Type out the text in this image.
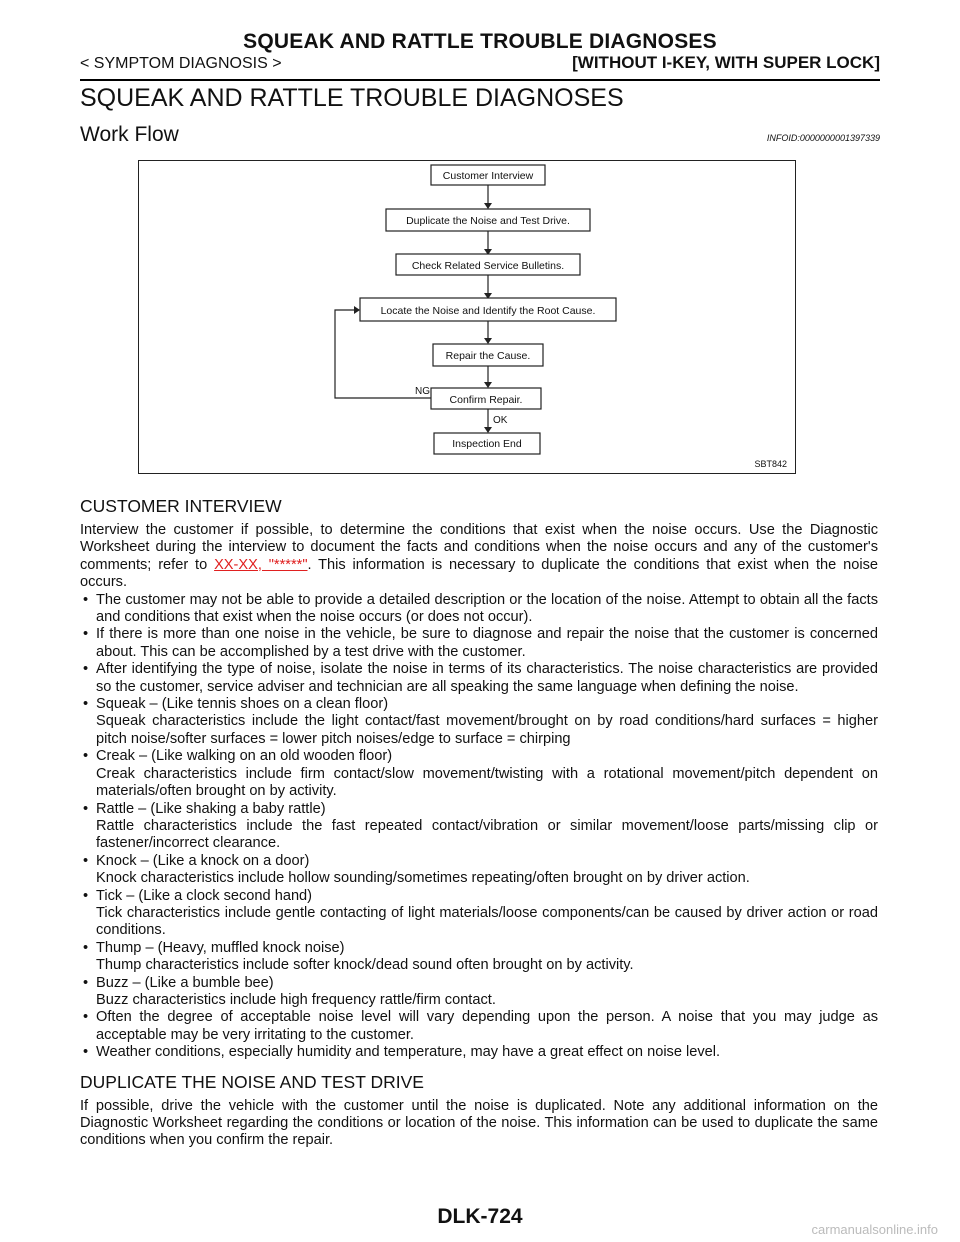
SQUEAK AND RATTLE TROUBLE DIAGNOSES
< SYMPTOM DIAGNOSIS >	[WITHOUT I-KEY, WITH SUPER LOCK]
SQUEAK AND RATTLE TROUBLE DIAGNOSES
Work Flow	INFOID:0000000001397339
Customer Interview
Duplicate the Noise and Test Drive.
Check Related Service Bulletins.
Locate the Noise and Identify the Root Cause.
Repair the Cause.
Confirm Repair.
Inspection End
NG
OK
SBT842
CUSTOMER INTERVIEW

Interview the customer if possible, to determine the conditions that exist when the noise occurs. Use the Diagnostic Worksheet during the interview to document the facts and conditions when the noise occurs and any of the customer's comments; refer to XX-XX, "*****". This information is necessary to duplicate the conditions that exist when the noise occurs.

• The customer may not be able to provide a detailed description or the location of the noise. Attempt to obtain all the facts and conditions that exist when the noise occurs (or does not occur).
• If there is more than one noise in the vehicle, be sure to diagnose and repair the noise that the customer is concerned about. This can be accomplished by a test drive with the customer.
• After identifying the type of noise, isolate the noise in terms of its characteristics. The noise characteristics are provided so the customer, service adviser and technician are all speaking the same language when defining the noise.
• Squeak – (Like tennis shoes on a clean floor)
Squeak characteristics include the light contact/fast movement/brought on by road conditions/hard surfaces = higher pitch noise/softer surfaces = lower pitch noises/edge to surface = chirping
• Creak – (Like walking on an old wooden floor)
Creak characteristics include firm contact/slow movement/twisting with a rotational movement/pitch dependent on materials/often brought on by activity.
• Rattle – (Like shaking a baby rattle)
Rattle characteristics include the fast repeated contact/vibration or similar movement/loose parts/missing clip or fastener/incorrect clearance.
• Knock – (Like a knock on a door)
Knock characteristics include hollow sounding/sometimes repeating/often brought on by driver action.
• Tick – (Like a clock second hand)
Tick characteristics include gentle contacting of light materials/loose components/can be caused by driver action or road conditions.
• Thump – (Heavy, muffled knock noise)
Thump characteristics include softer knock/dead sound often brought on by activity.
• Buzz – (Like a bumble bee)
Buzz characteristics include high frequency rattle/firm contact.
• Often the degree of acceptable noise level will vary depending upon the person. A noise that you may judge as acceptable may be very irritating to the customer.
• Weather conditions, especially humidity and temperature, may have a great effect on noise level.
DUPLICATE THE NOISE AND TEST DRIVE

If possible, drive the vehicle with the customer until the noise is duplicated. Note any additional information on the Diagnostic Worksheet regarding the conditions or location of the noise. This information can be used to duplicate the same conditions when you confirm the repair.

DLK-724
carmanualsonline.info
